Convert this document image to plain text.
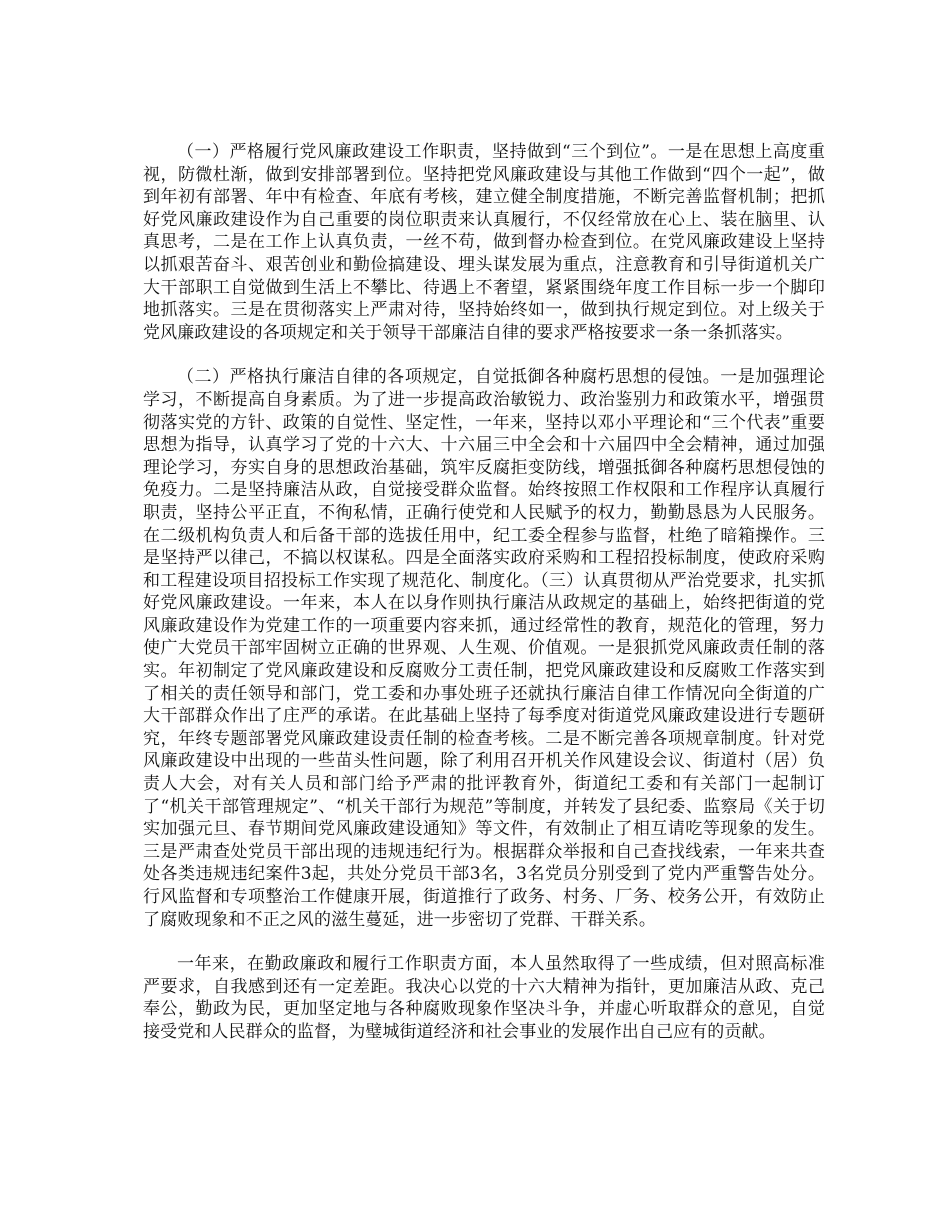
（一）严格履行党风廉政建设工作职责，坚持做到“三个到位”。一是在思想上高度重视，防微杜渐，做到安排部署到位。坚持把党风廉政建设与其他工作做到“四个一起”，做到年初有部署、年中有检查、年底有考核，建立健全制度措施，不断完善监督机制；把抓好党风廉政建设作为自己重要的岗位职责来认真履行，不仅经常放在心上、装在脑里、认真思考，二是在工作上认真负责，一丝不苟，做到督办检查到位。在党风廉政建设上坚持以抓艰苦奋斗、艰苦创业和勤俭搞建设、埋头谋发展为重点，注意教育和引导街道机关广大干部职工自觉做到生活上不攀比、待遇上不奢望，紧紧围绕年度工作目标一步一个脚印地抓落实。三是在贯彻落实上严肃对待，坚持始终如一，做到执行规定到位。对上级关于党风廉政建设的各项规定和关于领导干部廉洁自律的要求严格按要求一条一条抓落实。

（二）严格执行廉洁自律的各项规定，自觉抵御各种腐朽思想的侵蚀。一是加强理论学习，不断提高自身素质。为了进一步提高政治敏锐力、政治鉴别力和政策水平，增强贯彻落实党的方针、政策的自觉性、坚定性，一年来，坚持以邓小平理论和“三个代表”重要思想为指导，认真学习了党的十六大、十六届三中全会和十六届四中全会精神，通过加强理论学习，夯实自身的思想政治基础，筑牢反腐拒变防线，增强抵御各种腐朽思想侵蚀的免疫力。二是坚持廉洁从政，自觉接受群众监督。始终按照工作权限和工作程序认真履行职责，坚持公平正直，不徇私情，正确行使党和人民赋予的权力，勤勤恳恳为人民服务。在二级机构负责人和后备干部的选拔任用中，纪工委全程参与监督，杜绝了暗箱操作。三是坚持严以律己，不搞以权谋私。四是全面落实政府采购和工程招投标制度，使政府采购和工程建设项目招投标工作实现了规范化、制度化。（三）认真贯彻从严治党要求，扎实抓好党风廉政建设。一年来，本人在以身作则执行廉洁从政规定的基础上，始终把街道的党风廉政建设作为党建工作的一项重要内容来抓，通过经常性的教育，规范化的管理，努力使广大党员干部牢固树立正确的世界观、人生观、价值观。一是狠抓党风廉政责任制的落实。年初制定了党风廉政建设和反腐败分工责任制，把党风廉政建设和反腐败工作落实到了相关的责任领导和部门，党工委和办事处班子还就执行廉洁自律工作情况向全街道的广大干部群众作出了庄严的承诺。在此基础上坚持了每季度对街道党风廉政建设进行专题研究，年终专题部署党风廉政建设责任制的检查考核。二是不断完善各项规章制度。针对党风廉政建设中出现的一些苗头性问题，除了利用召开机关作风建设会议、街道村（居）负责人大会，对有关人员和部门给予严肃的批评教育外，街道纪工委和有关部门一起制订了“机关干部管理规定”、“机关干部行为规范”等制度，并转发了县纪委、监察局《关于切实加强元旦、春节期间党风廉政建设通知》等文件，有效制止了相互请吃等现象的发生。三是严肃查处党员干部出现的违规违纪行为。根据群众举报和自己查找线索，一年来共查处各类违规违纪案件3起，共处分党员干部3名，3名党员分别受到了党内严重警告处分。行风监督和专项整治工作健康开展，街道推行了政务、村务、厂务、校务公开，有效防止了腐败现象和不正之风的滋生蔓延，进一步密切了党群、干群关系。

一年来，在勤政廉政和履行工作职责方面，本人虽然取得了一些成绩，但对照高标准严要求，自我感到还有一定差距。我决心以党的十六大精神为指针，更加廉洁从政、克己奉公，勤政为民，更加坚定地与各种腐败现象作坚决斗争，并虚心听取群众的意见，自觉接受党和人民群众的监督，为璧城街道经济和社会事业的发展作出自己应有的贡献。
